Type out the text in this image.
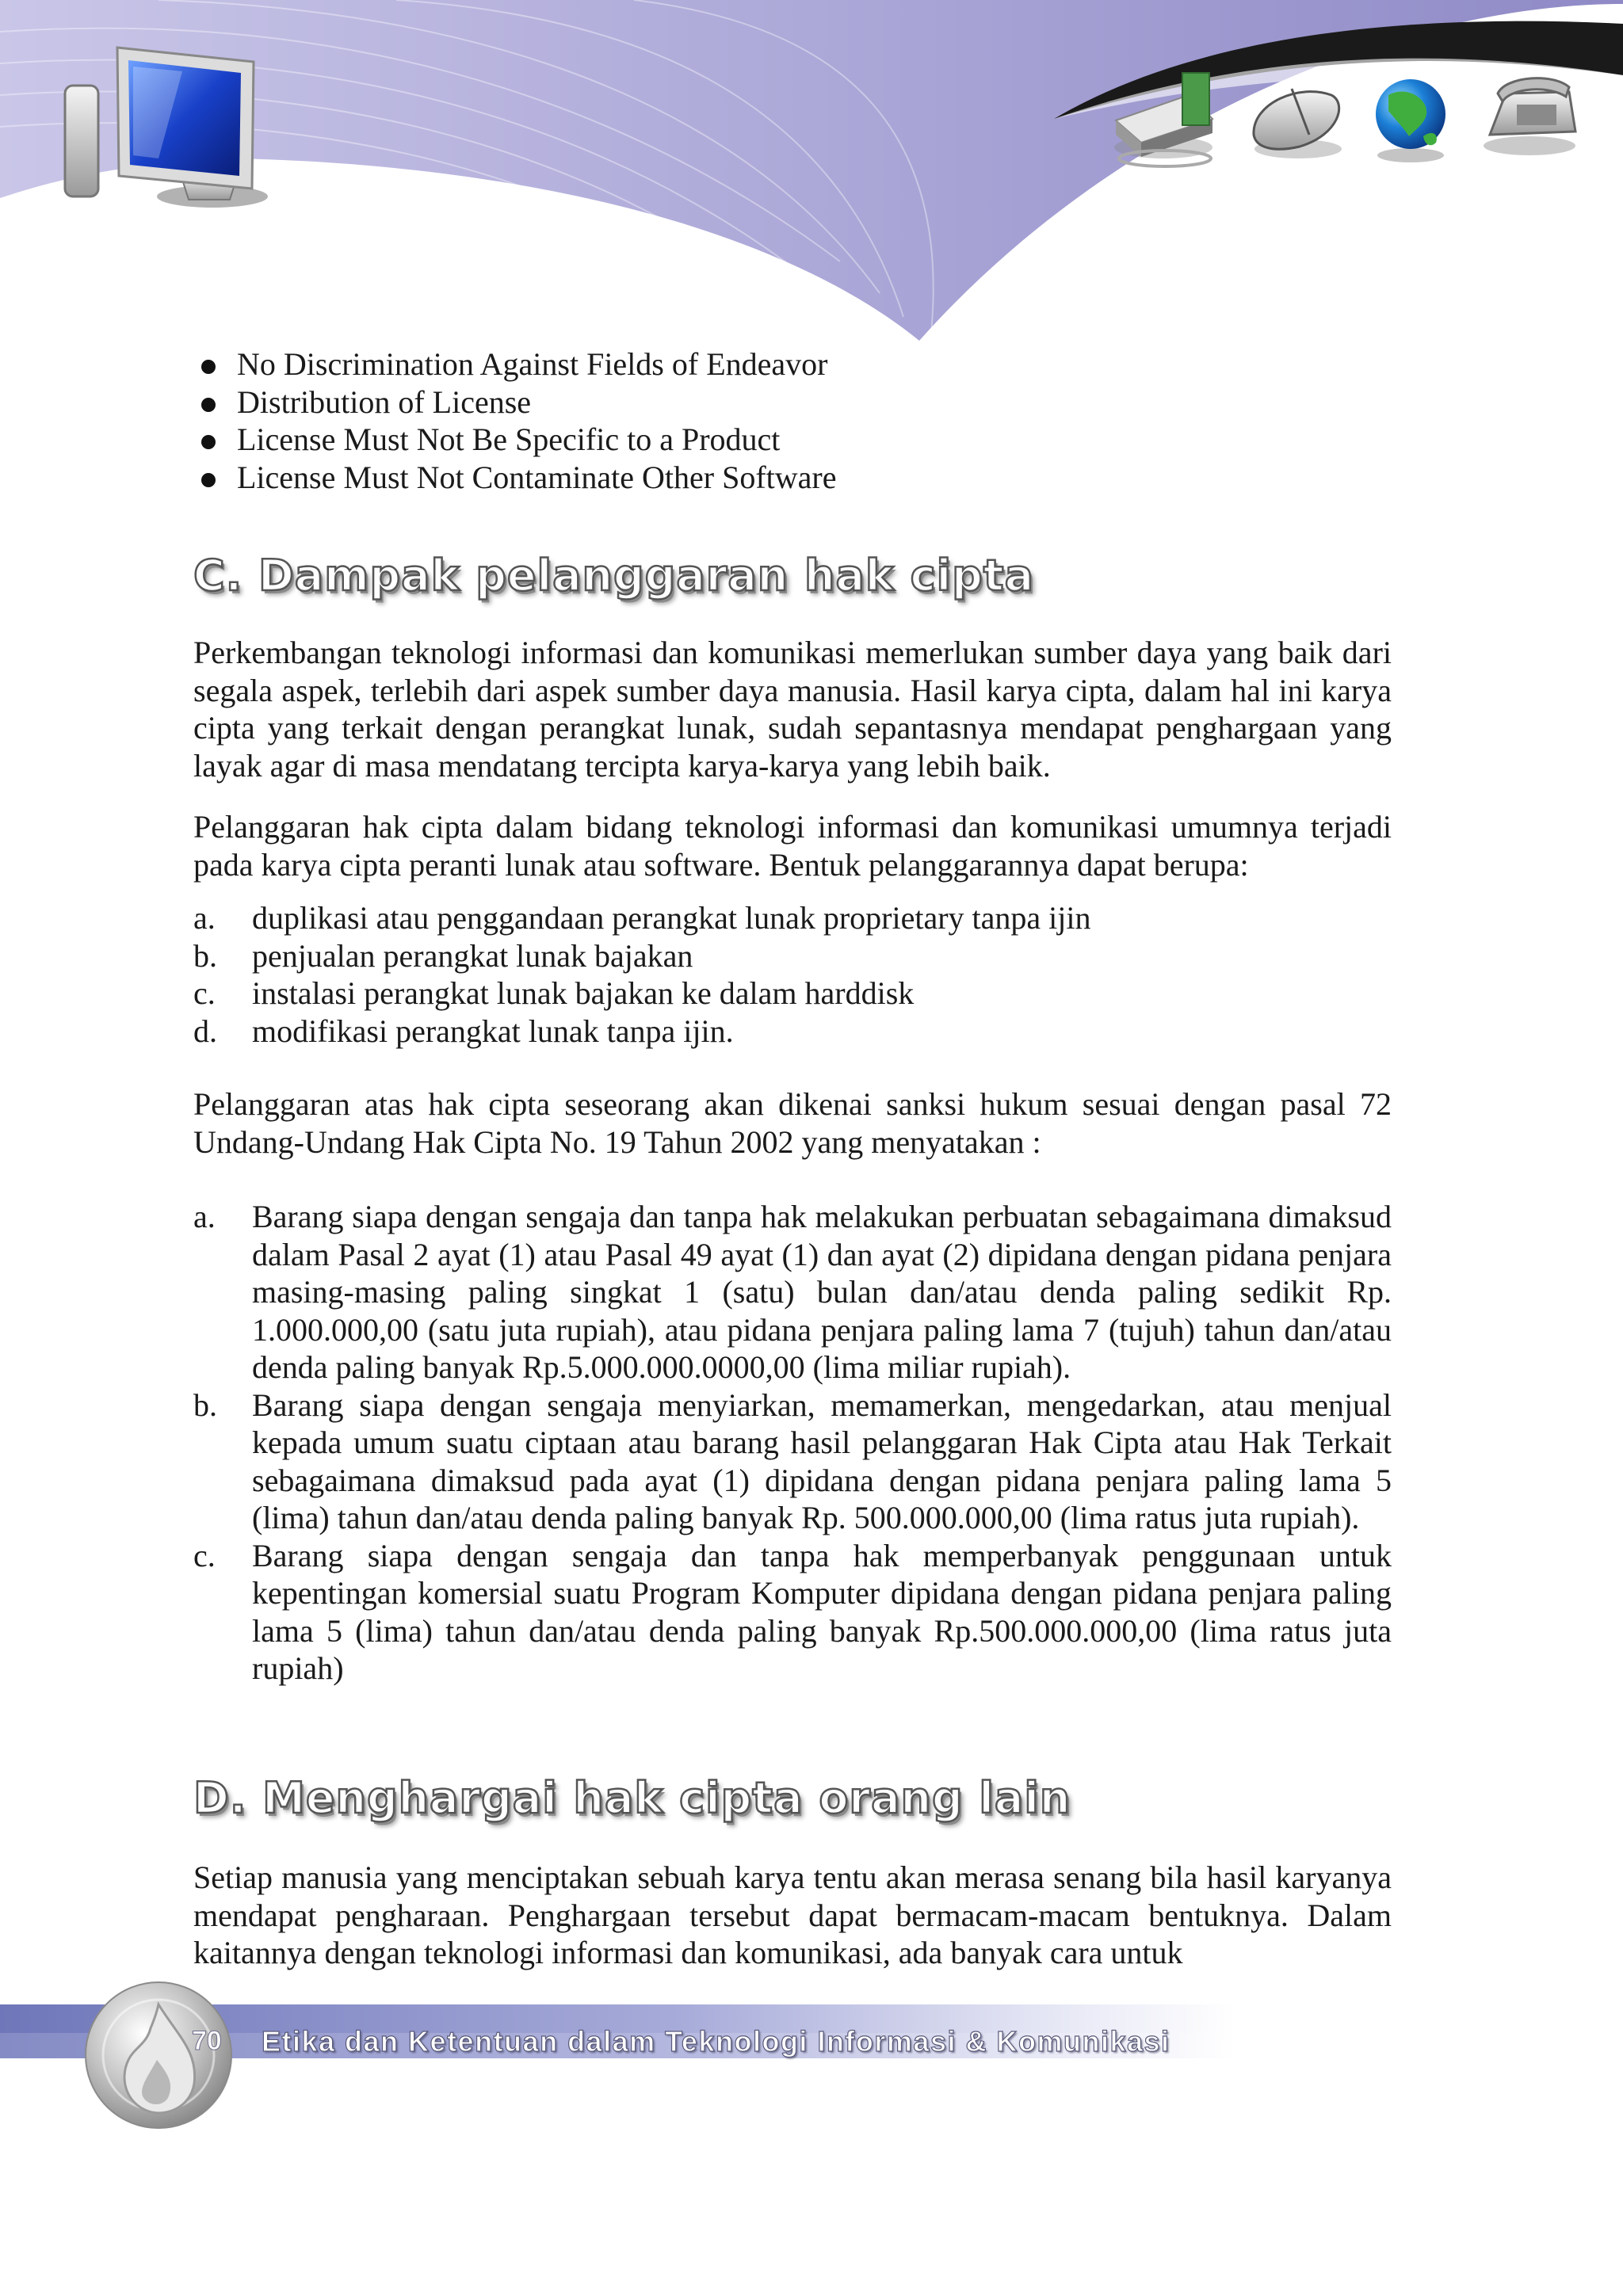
No Discrimination Against Fields of Endeavor
Distribution of License
License Must Not Be Specific to a Product
License Must Not Contaminate Other Software
C. Dampak pelanggaran hak cipta

Perkembangan teknologi informasi dan komunikasi memerlukan sumber daya yang baik dari segala aspek, terlebih dari aspek sumber daya manusia. Hasil karya cipta, dalam hal ini karya cipta yang terkait dengan perangkat lunak, sudah sepantasnya mendapat penghargaan yang layak agar di masa mendatang tercipta karya-karya yang lebih baik.

Pelanggaran hak cipta dalam bidang teknologi informasi dan komunikasi umumnya terjadi pada karya cipta peranti lunak atau software. Bentuk pelanggarannya dapat berupa:

a. duplikasi atau penggandaan perangkat lunak proprietary tanpa ijin
b. penjualan perangkat lunak bajakan
c. instalasi perangkat lunak bajakan ke dalam harddisk
d. modifikasi perangkat lunak tanpa ijin.

Pelanggaran atas hak cipta seseorang akan dikenai sanksi hukum sesuai dengan pasal 72 Undang-Undang Hak Cipta No. 19 Tahun 2002 yang menyatakan :

a. Barang siapa dengan sengaja dan tanpa hak melakukan perbuatan sebagaimana dimaksud dalam Pasal 2 ayat (1) atau Pasal 49 ayat (1) dan ayat (2) dipidana dengan pidana penjara masing-masing paling singkat 1 (satu) bulan dan/atau denda paling sedikit Rp. 1.000.000,00 (satu juta rupiah), atau pidana penjara paling lama 7 (tujuh) tahun dan/atau denda paling banyak Rp.5.000.000.0000,00 (lima miliar rupiah).
b. Barang siapa dengan sengaja menyiarkan, memamerkan, mengedarkan, atau menjual kepada umum suatu ciptaan atau barang hasil pelanggaran Hak Cipta atau Hak Terkait sebagaimana dimaksud pada ayat (1) dipidana dengan pidana penjara paling lama 5 (lima) tahun dan/atau denda paling banyak Rp. 500.000.000,00 (lima ratus juta rupiah).
c. Barang siapa dengan sengaja dan tanpa hak memperbanyak penggunaan untuk kepentingan komersial suatu Program Komputer dipidana dengan pidana penjara paling lama 5 (lima) tahun dan/atau denda paling banyak Rp.500.000.000,00 (lima ratus juta rupiah)
D. Menghargai hak cipta orang lain

Setiap manusia yang menciptakan sebuah karya tentu akan merasa senang bila hasil karyanya mendapat pengharaan. Penghargaan tersebut dapat bermacam-macam bentuknya. Dalam kaitannya dengan teknologi informasi dan komunikasi, ada banyak cara untuk

70 Etika dan Ketentuan dalam Teknologi Informasi & Komunikasi
